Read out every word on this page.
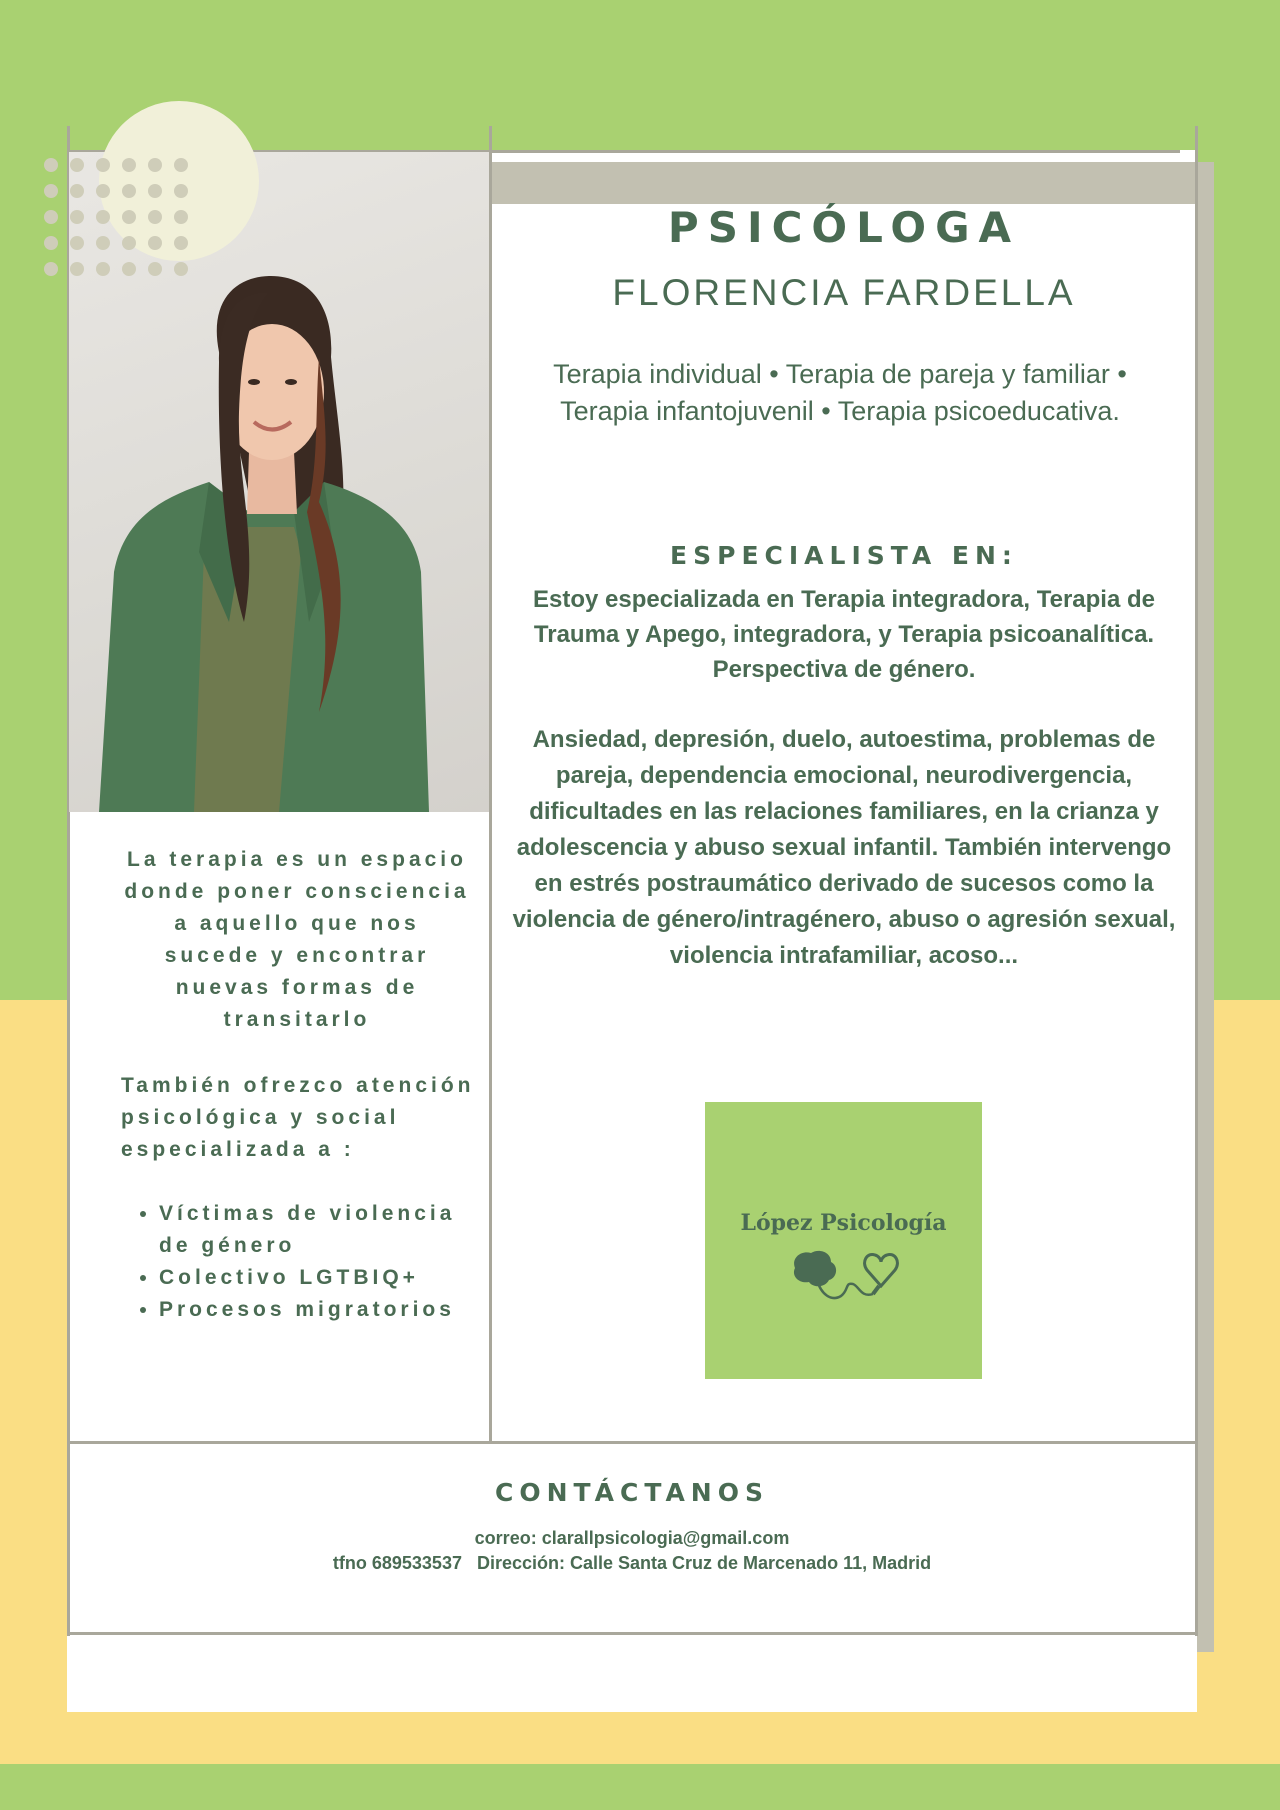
PSICÓLOGA
FLORENCIA FARDELLA
Terapia individual • Terapia de pareja y familiar • Terapia infantojuvenil • Terapia psicoeducativa.
ESPECIALISTA EN:
Estoy especializada en Terapia integradora, Terapia de Trauma y Apego, integradora, y Terapia psicoanalítica. Perspectiva de género.
Ansiedad, depresión, duelo, autoestima, problemas de pareja, dependencia emocional, neurodivergencia, dificultades en las relaciones familiares, en la crianza y adolescencia y abuso sexual infantil. También intervengo en estrés postraumático derivado de sucesos como la violencia de género/intragénero, abuso o agresión sexual, violencia intrafamiliar, acoso...
López Psicología
La terapia es un espacio donde poner consciencia a aquello que nos sucede y encontrar nuevas formas de transitarlo
También ofrezco atención psicológica y social especializada a :
• Víctimas de violencia de género
• Colectivo LGTBIQ+
• Procesos migratorios
CONTÁCTANOS
correo: clarallpsicologia@gmail.com
tfno 689533537   Dirección: Calle Santa Cruz de Marcenado 11, Madrid
